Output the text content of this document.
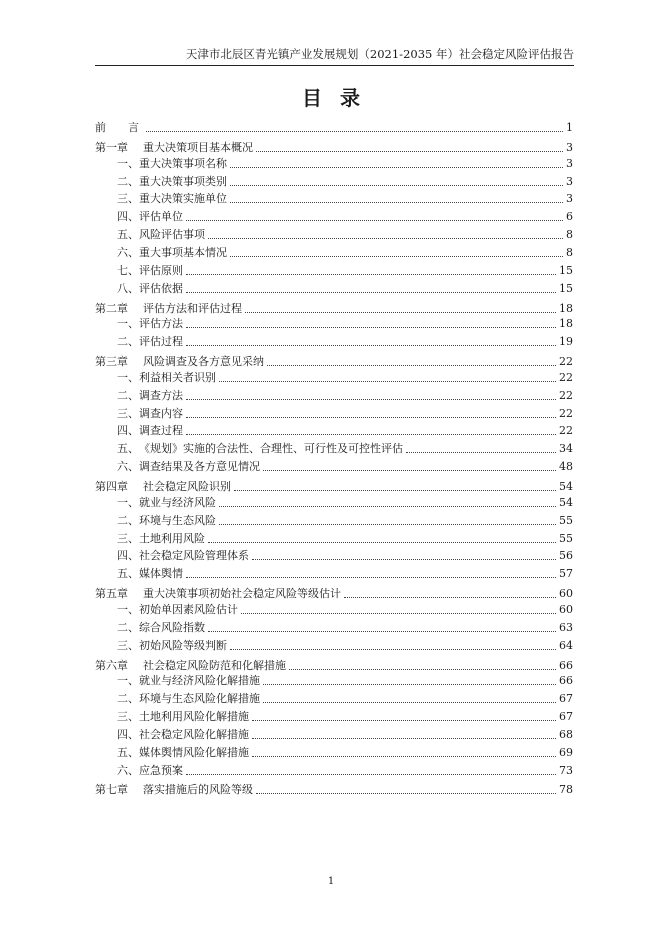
天津市北辰区青光镇产业发展规划（2021-2035 年）社会稳定风险评估报告
目录
前　　言	1
第一章 重大决策项目基本概况	3
一、重大决策事项名称	3
二、重大决策事项类别	3
三、重大决策实施单位	3
四、评估单位	6
五、风险评估事项	8
六、重大事项基本情况	8
七、评估原则	15
八、评估依据	15
第二章 评估方法和评估过程	18
一、评估方法	18
二、评估过程	19
第三章 风险调查及各方意见采纳	22
一、利益相关者识别	22
二、调查方法	22
三、调查内容	22
四、调查过程	22
五、《规划》实施的合法性、合理性、可行性及可控性评估	34
六、调查结果及各方意见情况	48
第四章 社会稳定风险识别	54
一、就业与经济风险	54
二、环境与生态风险	55
三、土地利用风险	55
四、社会稳定风险管理体系	56
五、媒体舆情	57
第五章 重大决策事项初始社会稳定风险等级估计	60
一、初始单因素风险估计	60
二、综合风险指数	63
三、初始风险等级判断	64
第六章 社会稳定风险防范和化解措施	66
一、就业与经济风险化解措施	66
二、环境与生态风险化解措施	67
三、土地利用风险化解措施	67
四、社会稳定风险化解措施	68
五、媒体舆情风险化解措施	69
六、应急预案	73
第七章 落实措施后的风险等级	78
1
